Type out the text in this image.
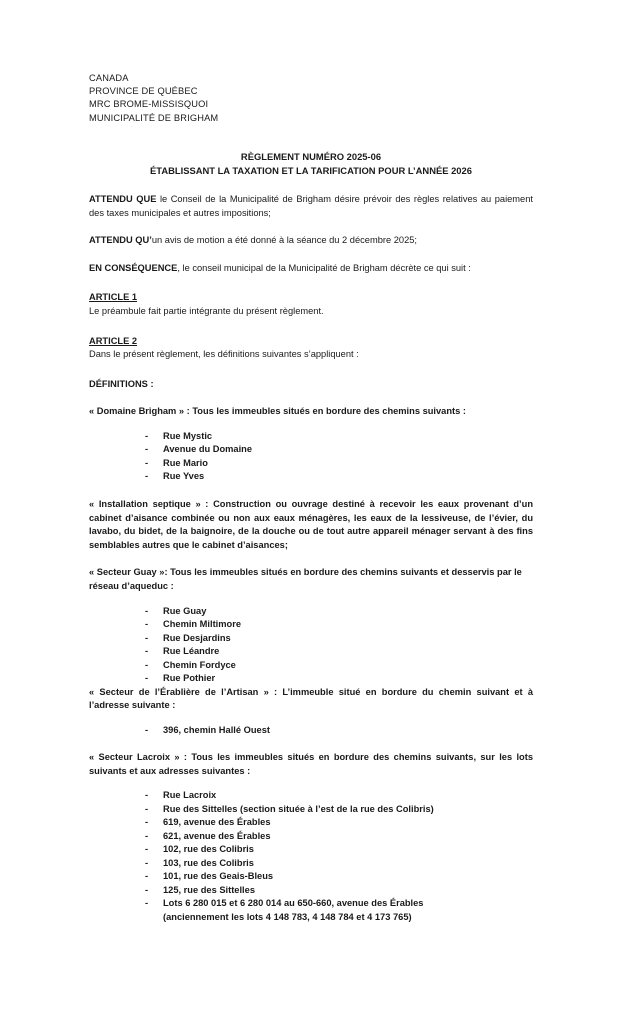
CANADA
PROVINCE DE QUÉBEC
MRC BROME-MISSISQUOI
MUNICIPALITÉ DE BRIGHAM
RÈGLEMENT NUMÉRO 2025-06
ÉTABLISSANT LA TAXATION ET LA TARIFICATION POUR L’ANNÉE 2026

ATTENDU QUE le Conseil de la Municipalité de Brigham désire prévoir des règles relatives au paiement des taxes municipales et autres impositions;

ATTENDU QU’un avis de motion a été donné à la séance du 2 décembre 2025;

EN CONSÉQUENCE, le conseil municipal de la Municipalité de Brigham décrète ce qui suit :

ARTICLE 1
Le préambule fait partie intégrante du présent règlement.
ARTICLE 2
Dans le présent règlement, les définitions suivantes s’appliquent :
DÉFINITIONS :

« Domaine Brigham » : Tous les immeubles situés en bordure des chemins suivants :

- Rue Mystic
- Avenue du Domaine
- Rue Mario
- Rue Yves

« Installation septique » : Construction ou ouvrage destiné à recevoir les eaux provenant d’un cabinet d’aisance combinée ou non aux eaux ménagères, les eaux de la lessiveuse, de l’évier, du lavabo, du bidet, de la baignoire, de la douche ou de tout autre appareil ménager servant à des fins semblables autres que le cabinet d’aisances;

« Secteur Guay »: Tous les immeubles situés en bordure des chemins suivants et desservis par le réseau d’aqueduc :

- Rue Guay
- Chemin Miltimore
- Rue Desjardins
- Rue Léandre
- Chemin Fordyce
- Rue Pothier

« Secteur de l’Érablière de l’Artisan » : L’immeuble situé en bordure du chemin suivant et à l’adresse suivante :

- 396, chemin Hallé Ouest

« Secteur Lacroix » : Tous les immeubles situés en bordure des chemins suivants, sur les lots suivants et aux adresses suivantes :

- Rue Lacroix
- Rue des Sittelles (section située à l’est de la rue des Colibris)
- 619, avenue des Érables
- 621, avenue des Érables
- 102, rue des Colibris
- 103, rue des Colibris
- 101, rue des Geais-Bleus
- 125, rue des Sittelles
- Lots 6 280 015 et 6 280 014 au 650-660, avenue des Érables
(anciennement les lots 4 148 783, 4 148 784 et 4 173 765)
